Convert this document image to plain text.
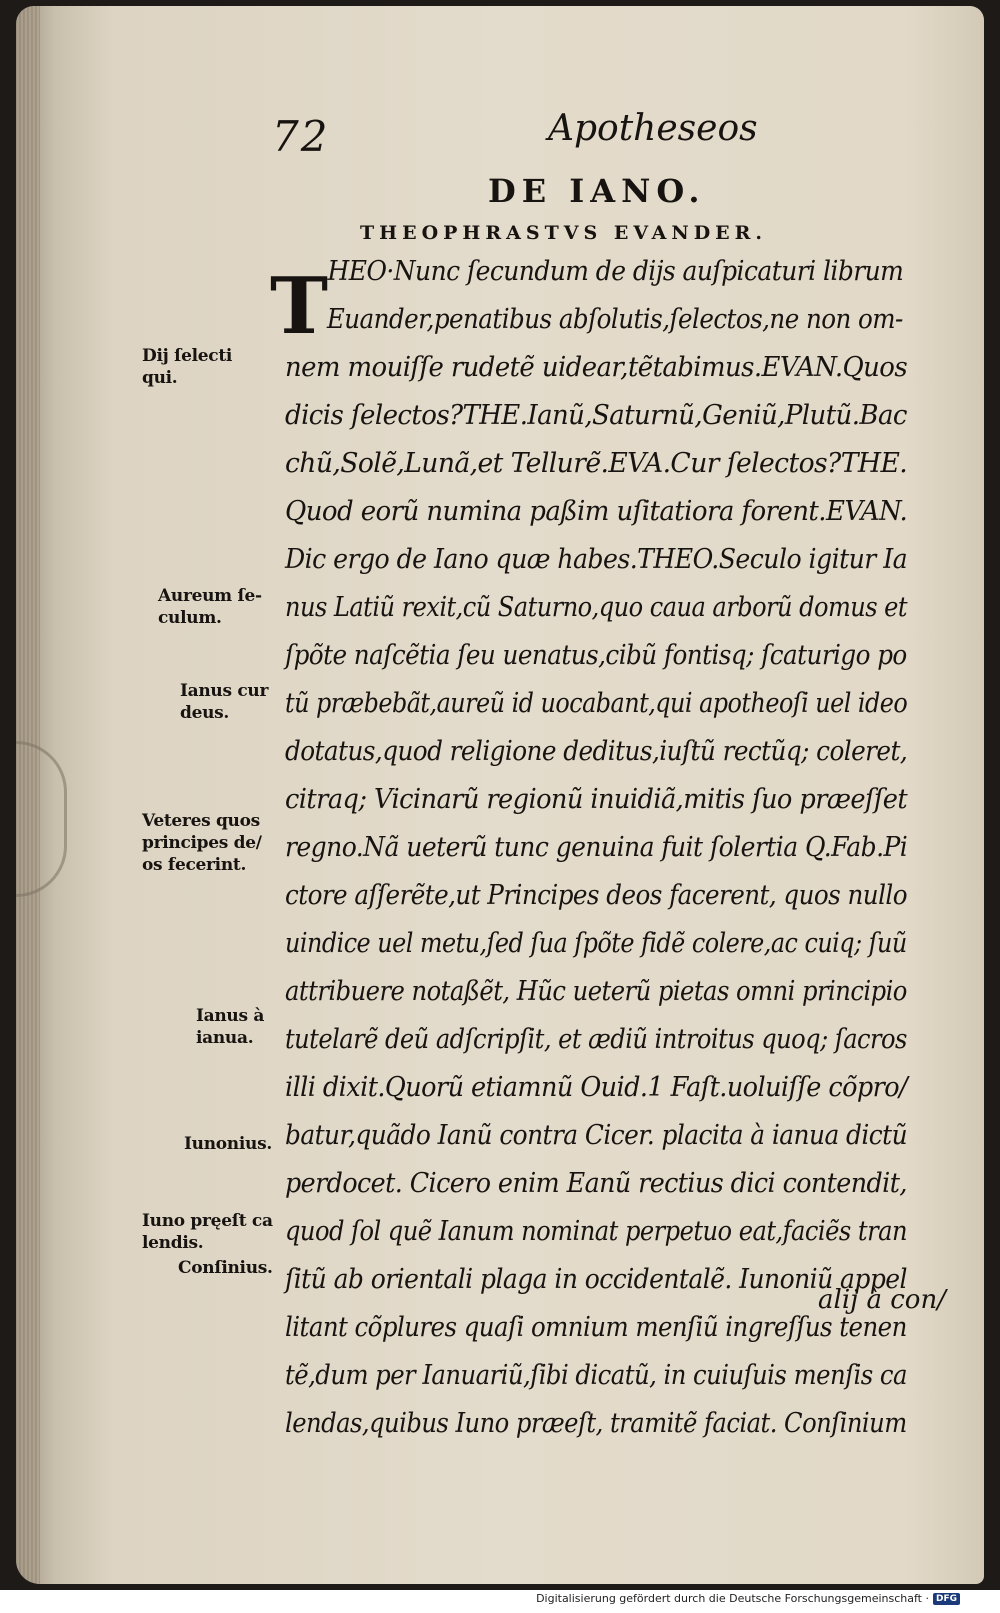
72	Apotheseos
DE IANO.
THEOPHRASTVS EVANDER.
T HEO·Nunc ſecundum de dijs auſpicaturi librum
Euander,penatibus abſolutis,ſelectos,ne non om-
nem mouiſſe rudetẽ uidear,tẽtabimus.EVAN.Quos
dicis ſelectos?THE.Ianũ,Saturnũ,Geniũ,Plutũ.Bac
chũ,Solẽ,Lunã,et Tellurẽ.EVA.Cur ſelectos?THE.
Quod eorũ numina paßim uſitatiora forent.EVAN.
Dic ergo de Iano quæ habes.THEO.Seculo igitur Ia
nus Latiũ rexit,cũ Saturno,quo caua arborũ domus et
ſpõte naſcẽtia ſeu uenatus,cibũ fontisq; ſcaturigo po
tũ præbebãt,aureũ id uocabant,qui apotheoſi uel ideo
dotatus,quod religione deditus,iuſtũ rectũq; coleret,
citraq; Vicinarũ regionũ inuidiã,mitis ſuo præeſſet
regno.Nã ueterũ tunc genuina fuit ſolertia Q.Fab.Pi
ctore aſſerẽte,ut Principes deos facerent, quos nullo
uindice uel metu,ſed ſua ſpõte fidẽ colere,ac cuiq; ſuũ
attribuere notaßẽt, Hũc ueterũ pietas omni principio
tutelarẽ deũ adſcripſit, et ædiũ introitus quoq; ſacros
illi dixit.Quorũ etiamnũ Ouid.1 Faſt.uoluiſſe cõpro/
batur,quãdo Ianũ contra Cicer. placita à ianua dictũ
perdocet. Cicero enim Eanũ rectius dici contendit,
quod ſol quẽ Ianum nominat perpetuo eat,faciẽs tran
ſitũ ab orientali plaga in occidentalẽ. Iunoniũ appel
litant cõplures quaſi omnium menſiũ ingreſſus tenen
tẽ,dum per Ianuariũ,ſibi dicatũ, in cuiuſuis menſis ca
lendas,quibus Iuno præeſt, tramitẽ faciat. Conſinium
alij à con/
Dij ſelecti
qui.
Aureum ſe-
culum.
Ianus cur
deus.
Veteres quos
principes de/
os fecerint.
Ianus à
ianua.
Iunonius.
Iuno pręeſt ca
lendis.
Conſinius.
Digitalisierung gefördert durch die Deutsche Forschungsgemeinschaft · DFG
